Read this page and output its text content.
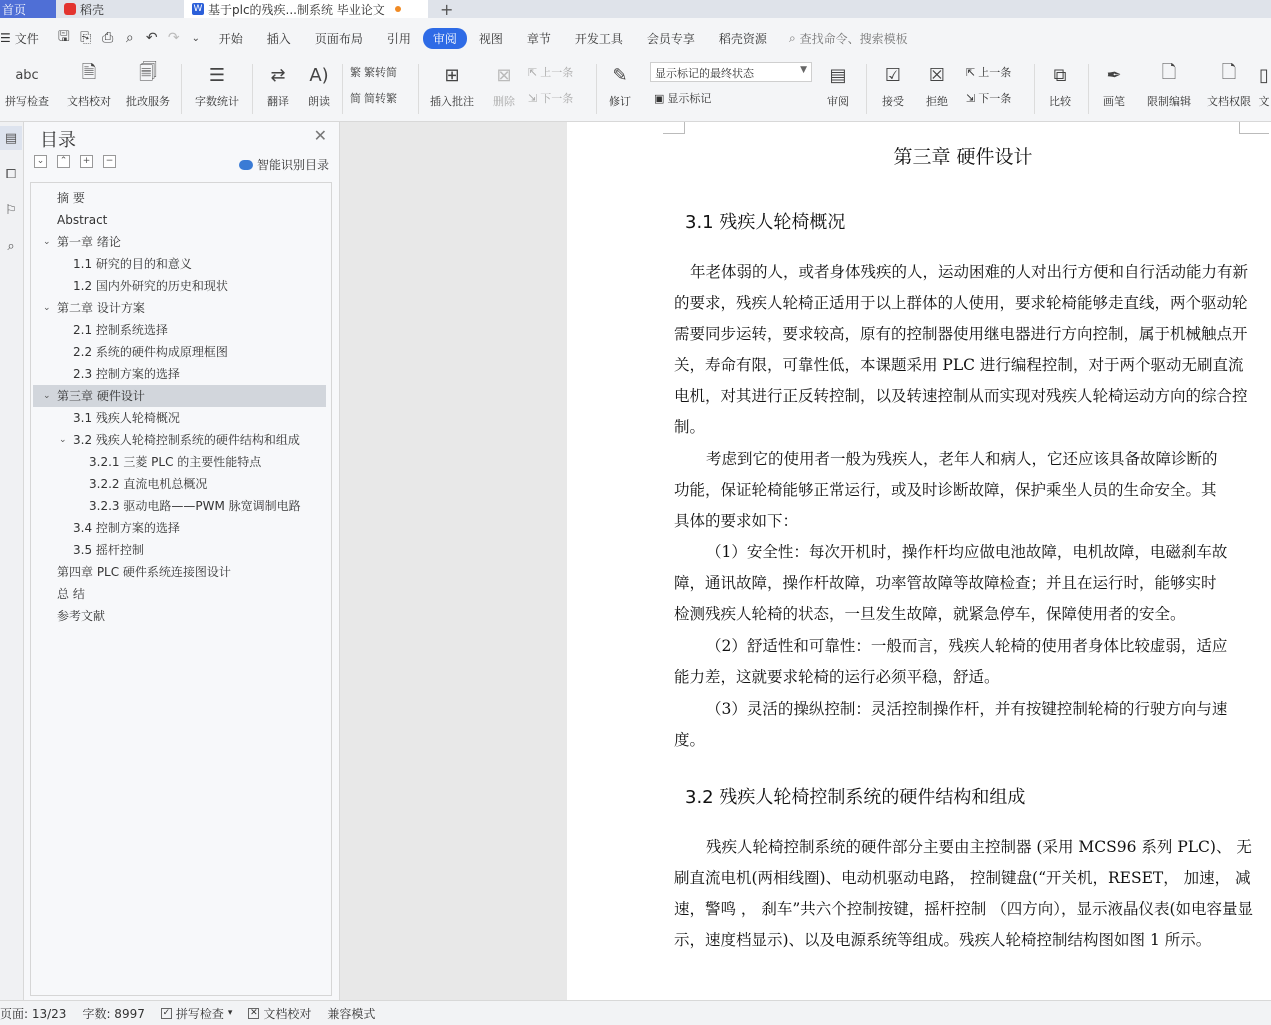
首页	稻壳	W 基于plc的残疾...制系统 毕业论文	+
☰ 文件	🖫 ⎘ ⎙ ⌕ ↶ ↷	⌄	开始	插入	页面布局	引用	审阅	视图	章节	开发工具	会员专享	稻壳资源	⌕ 查找命令、搜索模板
abc
拼写检查
🗎
文档校对
🗐
批改服务
☰
字数统计
⇄
翻译
A)
朗读
繁 繁转简
简 简转繁
⊞
插入批注
⊠
删除
⇱ 上一条
⇲ 下一条
✎
修订
显示标记的最终状态	▼
▣ 显示标记
▤
审阅
☑
接受
☒
拒绝
⇱ 上一条
⇲ 下一条
⧉
比较
✒
画笔
🗋
限制编辑
🗋
文档权限
▯
文
▤
⧠
⚐
⌕
目录	✕
⌄	⌃	+	−	智能识别目录
摘 要
Abstract
⌄ 第一章 绪论
1.1 研究的目的和意义
1.2 国内外研究的历史和现状
⌄ 第二章 设计方案
2.1 控制系统选择
2.2 系统的硬件构成原理框图
2.3 控制方案的选择
⌄ 第三章 硬件设计
3.1 残疾人轮椅概况
⌄ 3.2 残疾人轮椅控制系统的硬件结构和组成
3.2.1 三菱 PLC 的主要性能特点
3.2.2 直流电机总概况
3.2.3 驱动电路——PWM 脉宽调制电路
3.4 控制方案的选择
3.5 摇杆控制
第四章 PLC 硬件系统连接图设计
总 结
参考文献
第三章 硬件设计
3.1 残疾人轮椅概况
年老体弱的人，或者身体残疾的人，运动困难的人对出行方便和自行活动能力有新
的要求，残疾人轮椅正适用于以上群体的人使用，要求轮椅能够走直线，两个驱动轮
需要同步运转，要求较高，原有的控制器使用继电器进行方向控制，属于机械触点开
关，寿命有限，可靠性低，本课题采用 PLC 进行编程控制，对于两个驱动无刷直流
电机，对其进行正反转控制，以及转速控制从而实现对残疾人轮椅运动方向的综合控
制。
考虑到它的使用者一般为残疾人，老年人和病人，它还应该具备故障诊断的
功能，保证轮椅能够正常运行，或及时诊断故障，保护乘坐人员的生命安全。其
具体的要求如下：
（1）安全性：每次开机时，操作杆均应做电池故障，电机故障，电磁刹车故
障，通讯故障，操作杆故障，功率管故障等故障检查；并且在运行时，能够实时
检测残疾人轮椅的状态，一旦发生故障，就紧急停车，保障使用者的安全。
（2）舒适性和可靠性：一般而言，残疾人轮椅的使用者身体比较虚弱，适应
能力差，这就要求轮椅的运行必须平稳，舒适。
（3）灵活的操纵控制：灵活控制操作杆，并有按键控制轮椅的行驶方向与速
度。
3.2 残疾人轮椅控制系统的硬件结构和组成
残疾人轮椅控制系统的硬件部分主要由主控制器 (采用 MCS96 系列 PLC)、 无
刷直流电机(两相线圈)、电动机驱动电路， 控制键盘(“开关机，RESET， 加速， 减
速，警鸣 ， 刹车”共六个控制按键，摇杆控制 （四方向），显示液晶仪表(如电容量显
示，速度档显示)、以及电源系统等组成。残疾人轮椅控制结构图如图 1 所示。
页面: 13/23 字数: 8997 ✓ 拼写检查 ▾ ✕ 文档校对 兼容模式
